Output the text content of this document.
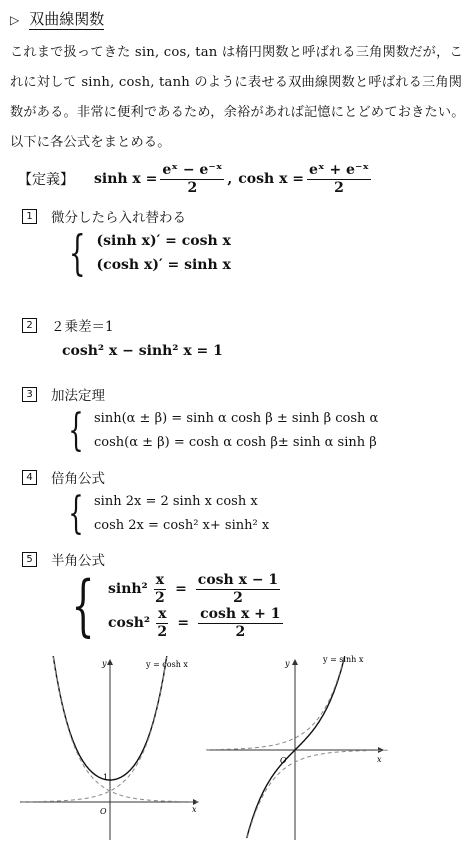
▷ 双曲線関数
これまで扱ってきた sin, cos, tan は楕円関数と呼ばれる三角関数だが，これに対して sinh, cosh, tanh のように表せる双曲線関数と呼ばれる三角関数がある。非常に便利であるため，余裕があれば記憶にとどめておきたい。以下に各公式をまとめる。
【定義】 $\sinh x = \frac{\text{eˣ − e⁻ˣ}}{2}$ , $\cosh x = \frac{\text{eˣ + e⁻ˣ}}{2}$
1	微分したら入れ替わる
{ (sinh x)′ = cosh x
(cosh x)′ = sinh x
2	２乗差＝1
cosh² x − sinh² x = 1
3	加法定理
{ sinh(α ± β) = sinh α cosh β ± sinh β cosh α
cosh(α ± β) = cosh α cosh β± sinh α sinh β
4	倍角公式
{ sinh 2x = 2 sinh x cosh x
cosh 2x = cosh² x+ sinh² x
5	半角公式
{ $\sinh^2 \frac{x}{2} = \frac{\text{cosh x − 1}}{2}$
$\cosh^2 \frac{x}{2} = \frac{\text{cosh x + 1}}{2}$
y
x
O
1
y = cosh x	y
x
O
y = sinh x
